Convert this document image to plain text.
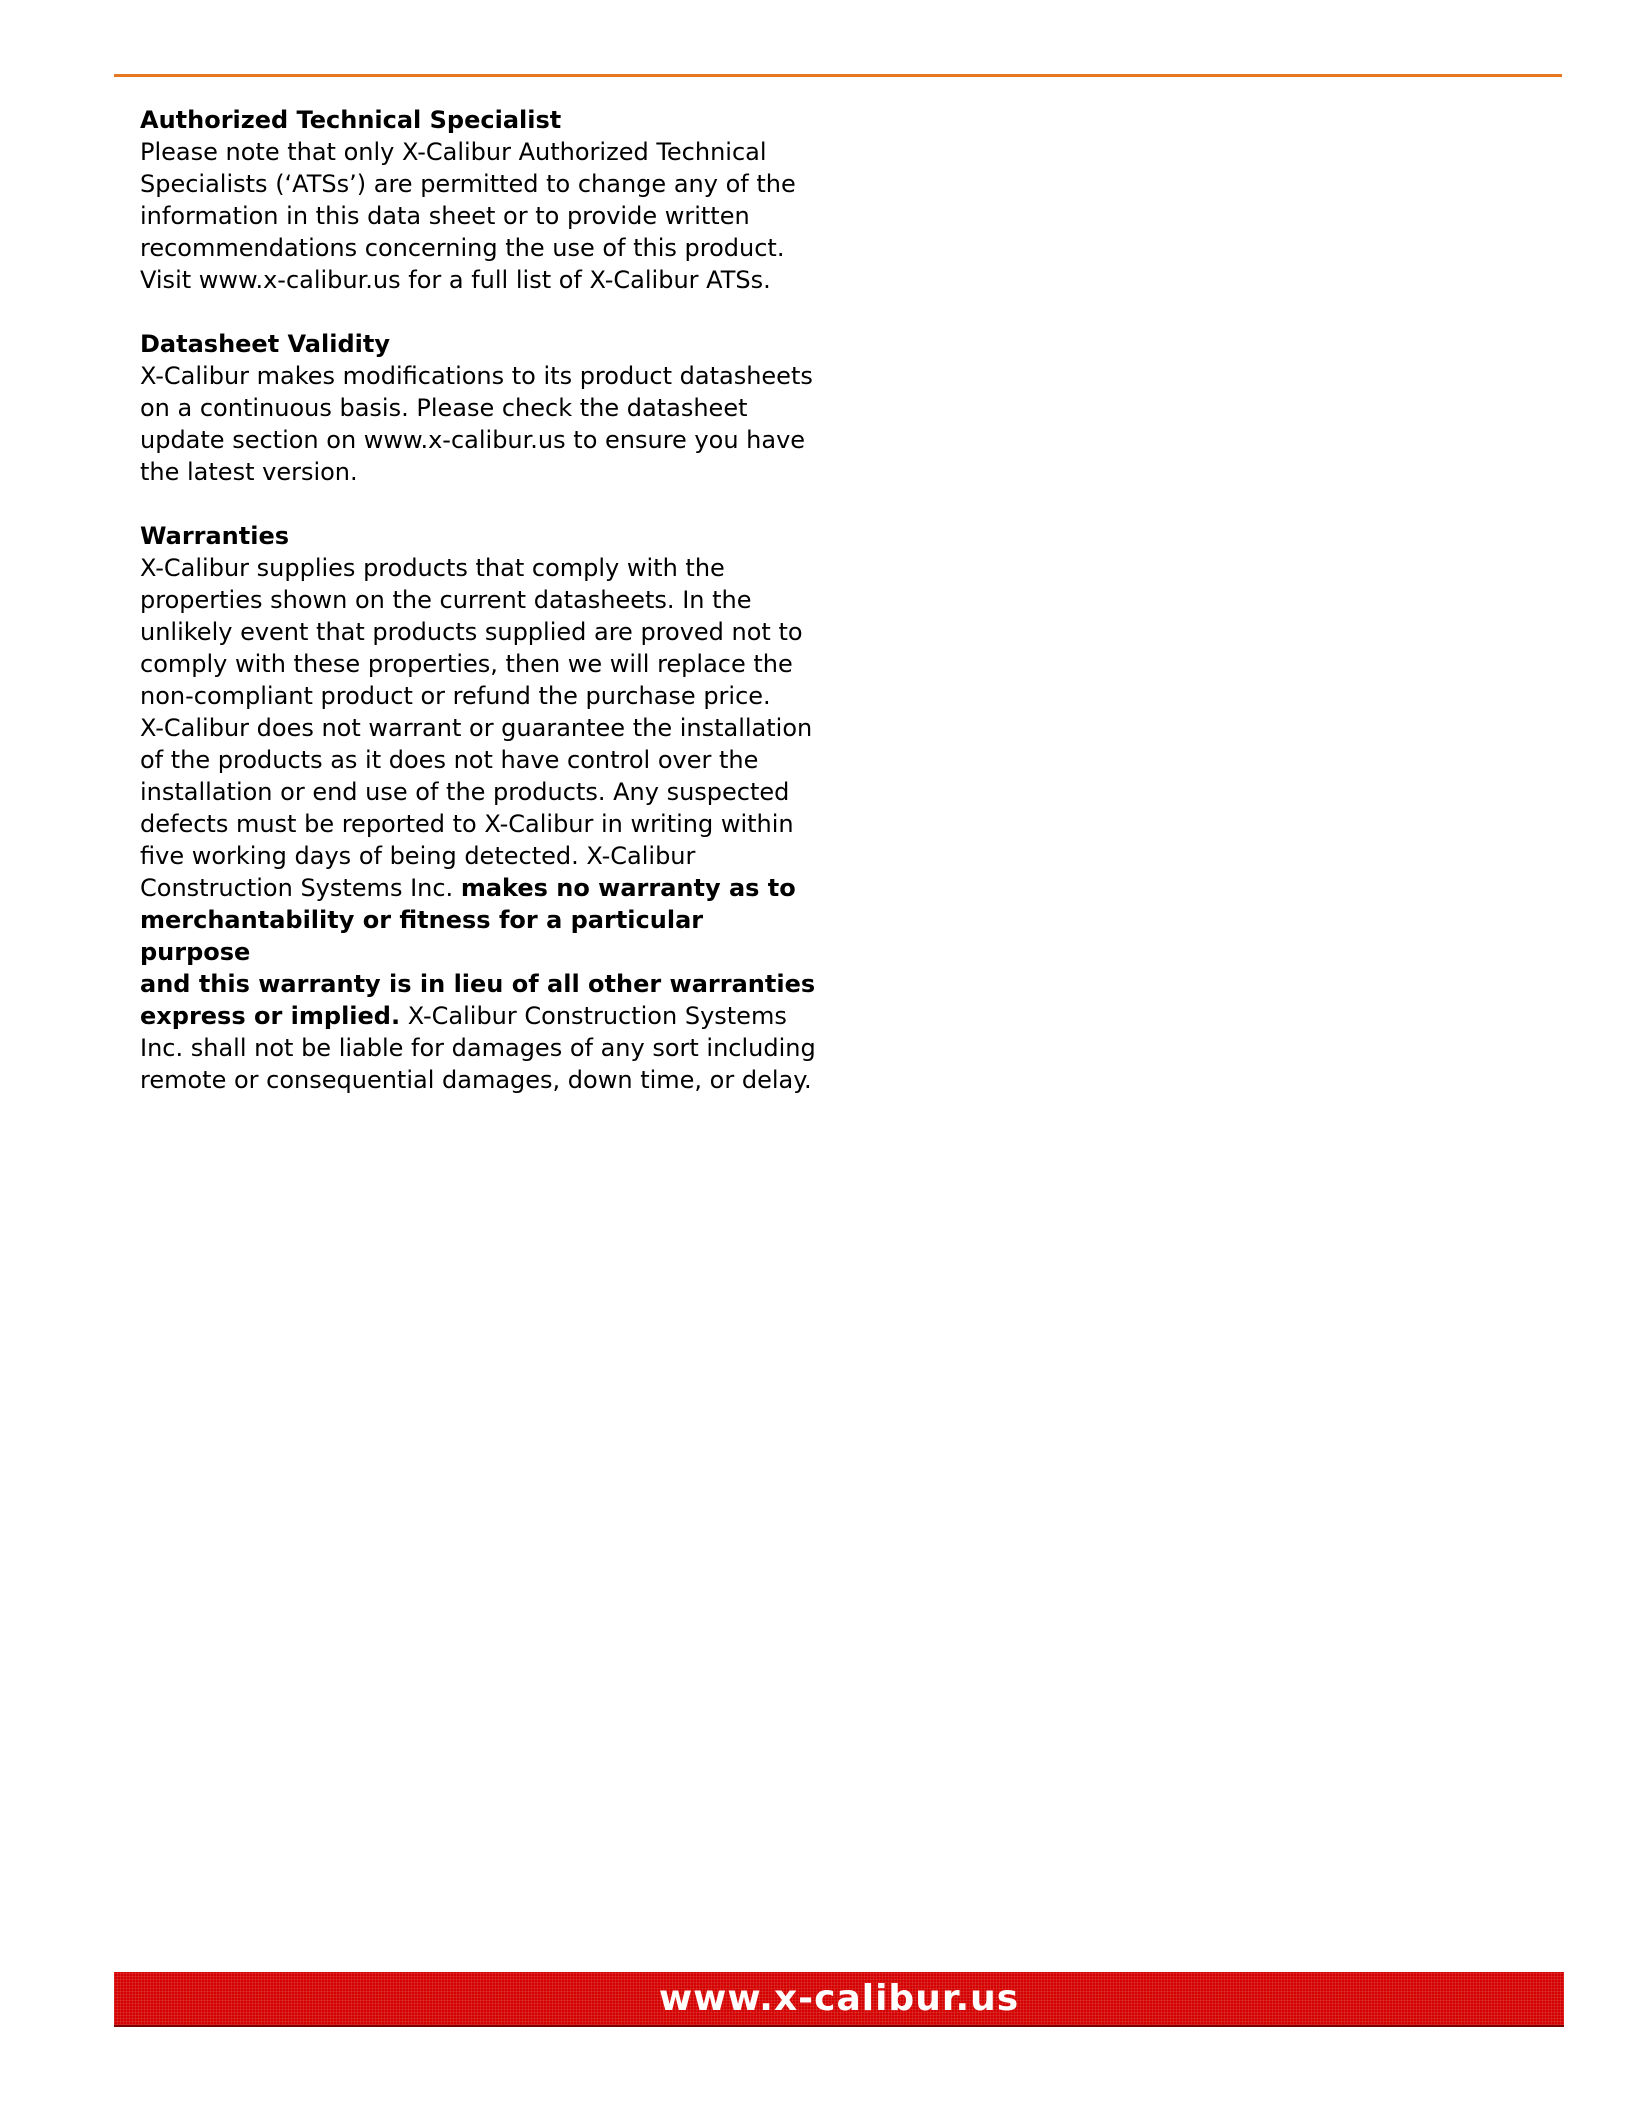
Authorized Technical Specialist

Please note that only X-Calibur Authorized Technical
Specialists (‘ATSs’) are permitted to change any of the
information in this data sheet or to provide written
recommendations concerning the use of this product.
Visit www.x-calibur.us for a full list of X-Calibur ATSs.

Datasheet Validity

X-Calibur makes modifications to its product datasheets
on a continuous basis. Please check the datasheet
update section on www.x-calibur.us to ensure you have
the latest version.

Warranties

X-Calibur supplies products that comply with the
properties shown on the current datasheets. In the
unlikely event that products supplied are proved not to
comply with these properties, then we will replace the
non-compliant product or refund the purchase price.
X-Calibur does not warrant or guarantee the installation
of the products as it does not have control over the
installation or end use of the products. Any suspected
defects must be reported to X-Calibur in writing within
five working days of being detected. X-Calibur
Construction Systems Inc. makes no warranty as to
merchantability or fitness for a particular purpose
and this warranty is in lieu of all other warranties
express or implied. X-Calibur Construction Systems
Inc. shall not be liable for damages of any sort including
remote or consequential damages, down time, or delay.

www.x-calibur.us
